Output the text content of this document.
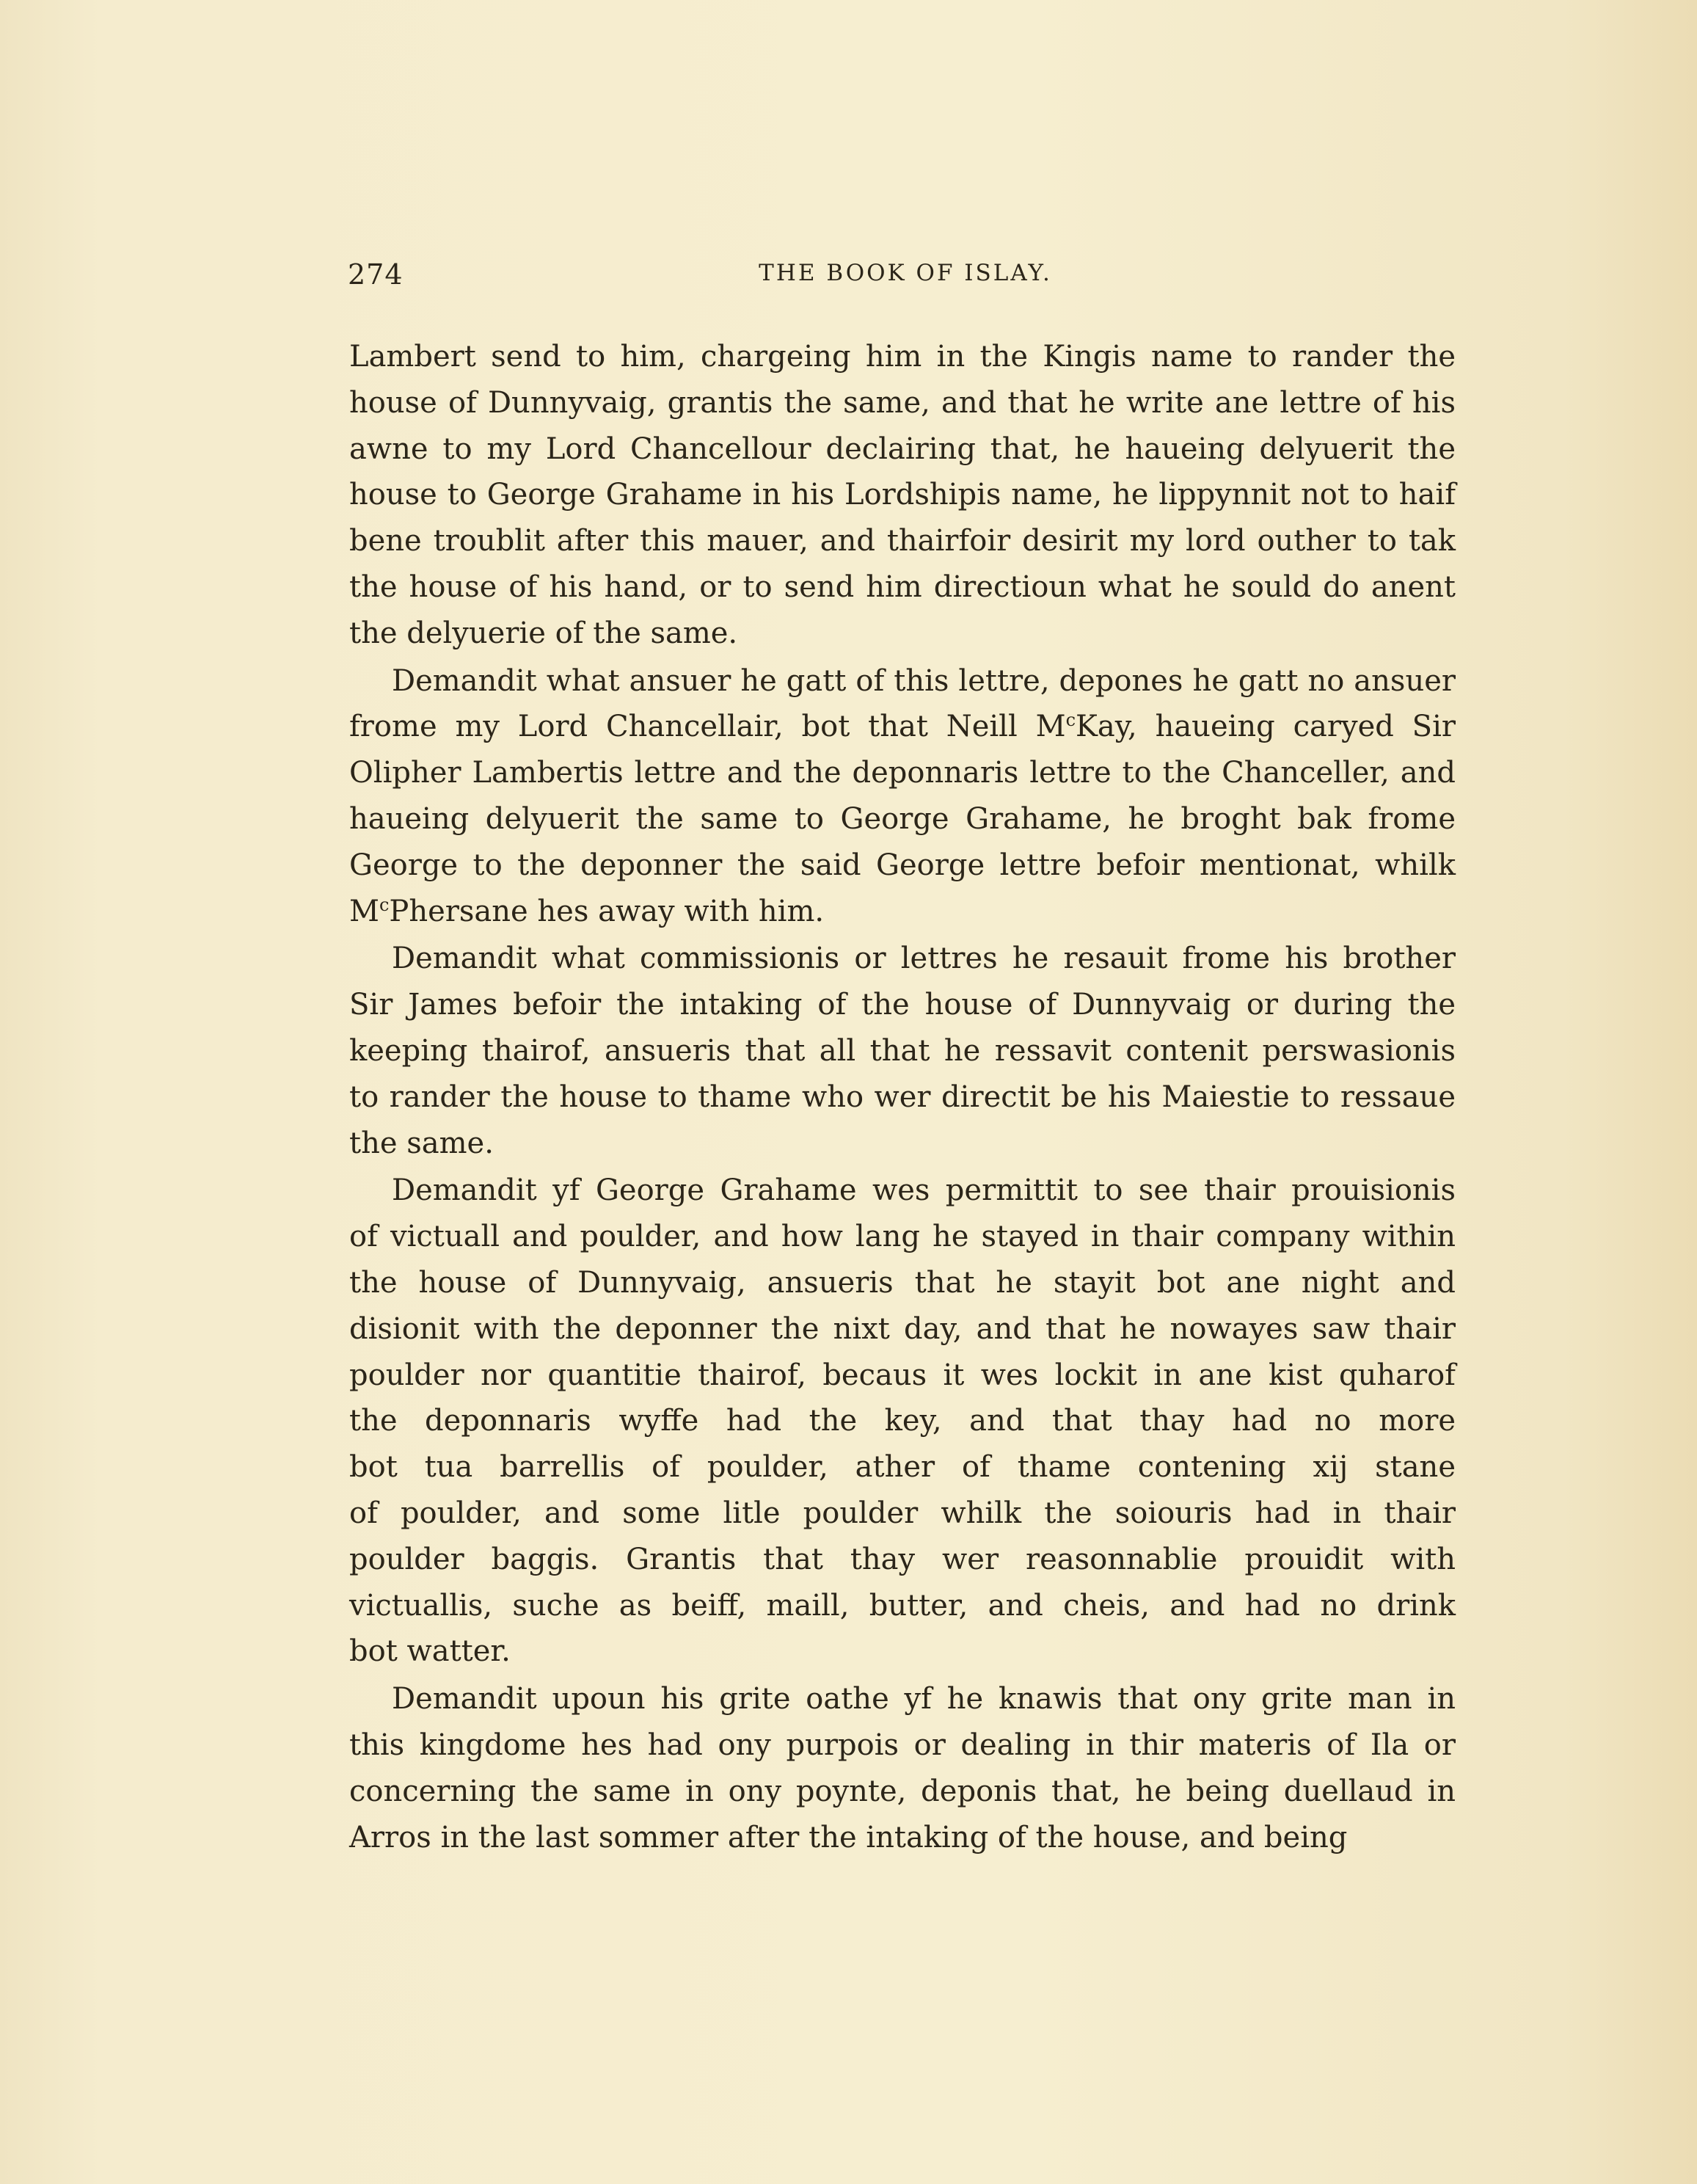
274	THE BOOK OF ISLAY.
Lambert send to him, chargeing him in the Kingis name to rander the
house of Dunnyvaig, grantis the same, and that he write ane lettre of his
awne to my Lord Chancellour declairing that, he haueing delyuerit the
house to George Grahame in his Lordshipis name, he lippynnit not to haif
bene troublit after this mauer, and thairfoir desirit my lord outher to tak
the house of his hand, or to send him directioun what he sould do anent
the delyuerie of the same.
Demandit what ansuer he gatt of this lettre, depones he gatt no ansuer
frome my Lord Chancellair, bot that Neill $M^cKay$, haueing caryed Sir
Olipher Lambertis lettre and the deponnaris lettre to the Chanceller, and
haueing delyuerit the same to George Grahame, he broght bak frome
George to the deponner the said George lettre befoir mentionat, whilk
$M^cPhersane$ hes away with him.
Demandit what commissionis or lettres he resauit frome his brother
Sir James befoir the intaking of the house of Dunnyvaig or during the
keeping thairof, ansueris that all that he ressavit contenit perswasionis
to rander the house to thame who wer directit be his Maiestie to ressaue
the same.
Demandit yf George Grahame wes permittit to see thair prouisionis
of victuall and poulder, and how lang he stayed in thair company within
the house of Dunnyvaig, ansueris that he stayit bot ane night and
disionit with the deponner the nixt day, and that he nowayes saw thair
poulder nor quantitie thairof, becaus it wes lockit in ane kist quharof
the deponnaris wyffe had the key, and that thay had no more
bot tua barrellis of poulder, ather of thame contening xij stane
of poulder, and some litle poulder whilk the soiouris had in thair
poulder baggis. Grantis that thay wer reasonnablie prouidit with
victuallis, suche as beiff, maill, butter, and cheis, and had no drink
bot watter.
Demandit upoun his grite oathe yf he knawis that ony grite man in
this kingdome hes had ony purpois or dealing in thir materis of Ila or
concerning the same in ony poynte, deponis that, he being duellaud in
Arros in the last sommer after the intaking of the house, and being
